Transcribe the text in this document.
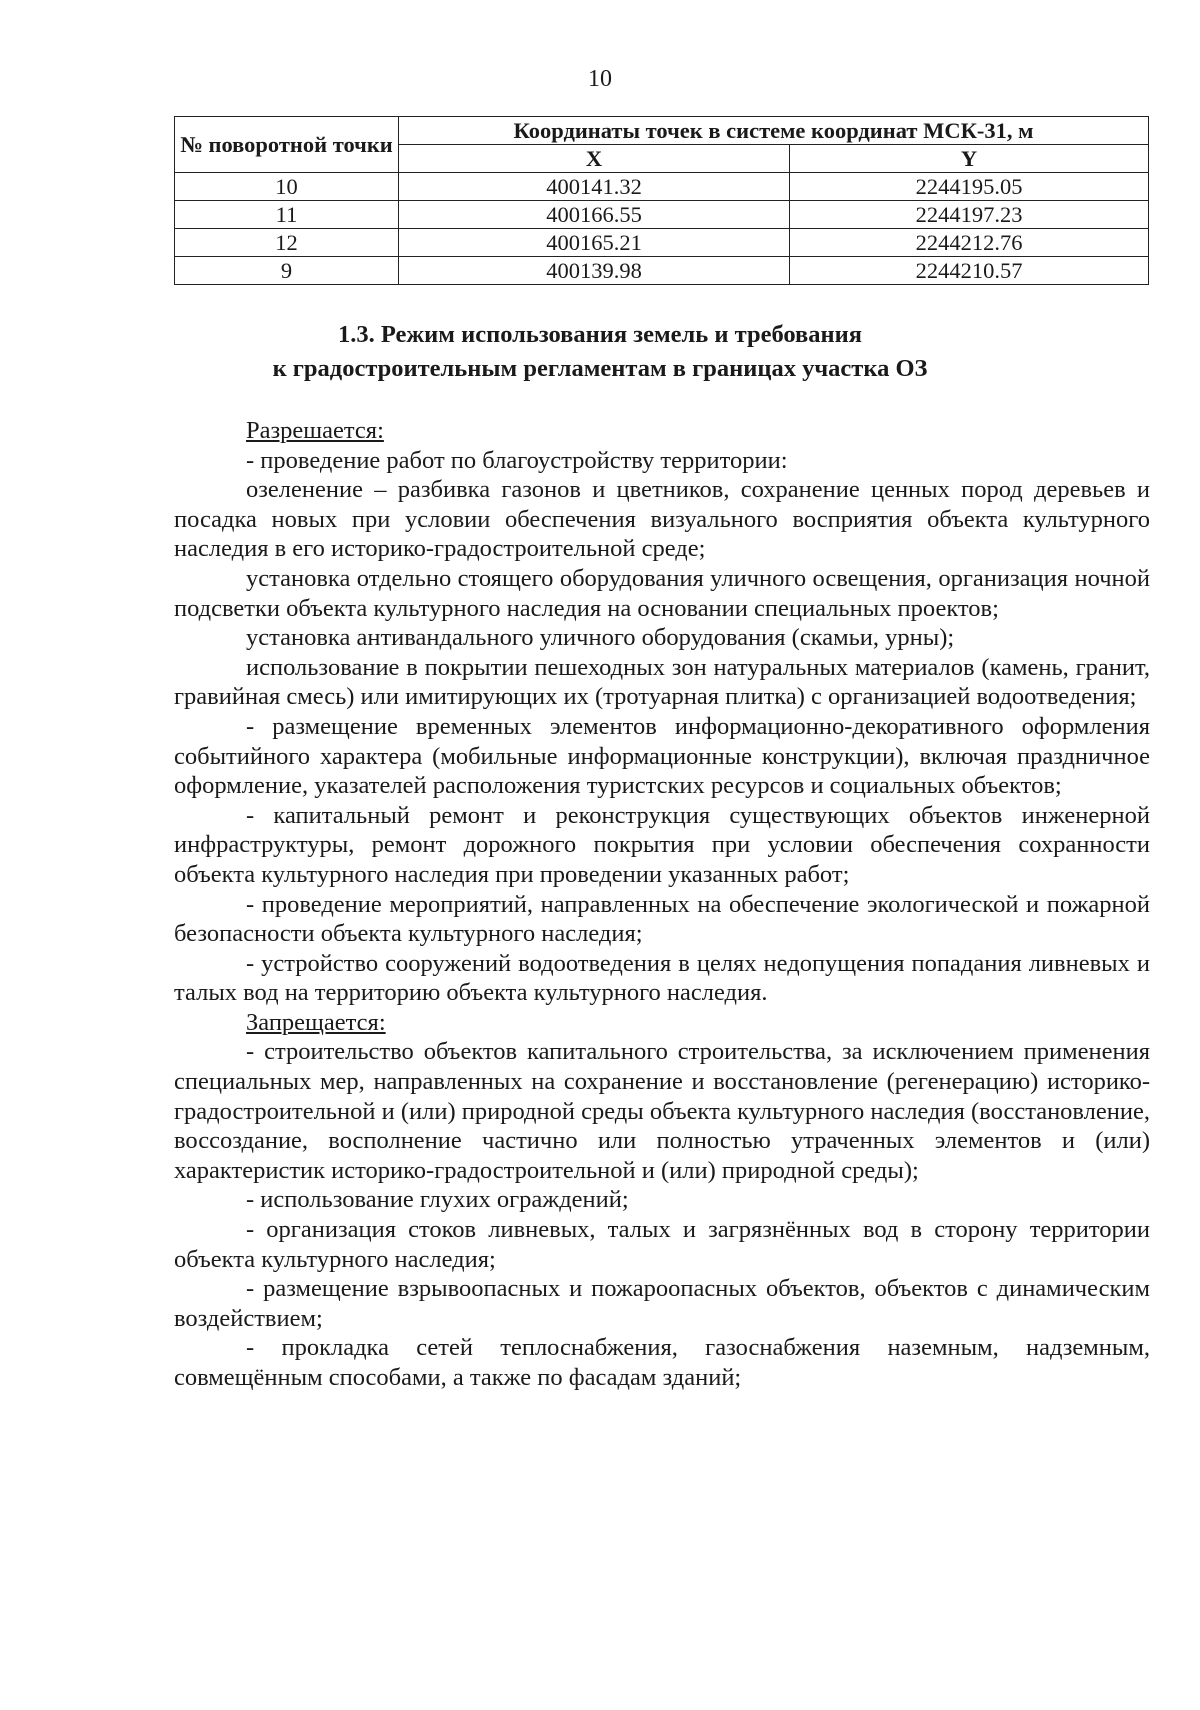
10
№ поворотной точки	Координаты точек в системе координат МСК-31, м	
	X	Y
10	400141.32	2244195.05
11	400166.55	2244197.23
12	400165.21	2244212.76
9	400139.98	2244210.57
1.3. Режим использования земель и требования
к градостроительным регламентам в границах участка ОЗ

Разрешается:

- проведение работ по благоустройству территории:

озеленение – разбивка газонов и цветников, сохранение ценных пород деревьев и посадка новых при условии обеспечения визуального восприятия объекта культурного наследия в его историко-градостроительной среде;

установка отдельно стоящего оборудования уличного освещения, организация ночной подсветки объекта культурного наследия на основании специальных проектов;

установка антивандального уличного оборудования (скамьи, урны);

использование в покрытии пешеходных зон натуральных материалов (камень, гранит, гравийная смесь) или имитирующих их (тротуарная плитка) с организацией водоотведения;

- размещение временных элементов информационно-декоративного оформления событийного характера (мобильные информационные конструкции), включая праздничное оформление, указателей расположения туристских ресурсов и социальных объектов;

- капитальный ремонт и реконструкция существующих объектов инженерной инфраструктуры, ремонт дорожного покрытия при условии обеспечения сохранности объекта культурного наследия при проведении указанных работ;

- проведение мероприятий, направленных на обеспечение экологической и пожарной безопасности объекта культурного наследия;

- устройство сооружений водоотведения в целях недопущения попадания ливневых и талых вод на территорию объекта культурного наследия.

Запрещается:

- строительство объектов капитального строительства, за исключением применения специальных мер, направленных на сохранение и восстановление (регенерацию) историко-градостроительной и (или) природной среды объекта культурного наследия (восстановление, воссоздание, восполнение частично или полностью утраченных элементов и (или) характеристик историко-градостроительной и (или) природной среды);

- использование глухих ограждений;

- организация стоков ливневых, талых и загрязнённых вод в сторону территории объекта культурного наследия;

- размещение взрывоопасных и пожароопасных объектов, объектов с динамическим воздействием;

- прокладка сетей теплоснабжения, газоснабжения наземным, надземным, совмещённым способами, а также по фасадам зданий;
